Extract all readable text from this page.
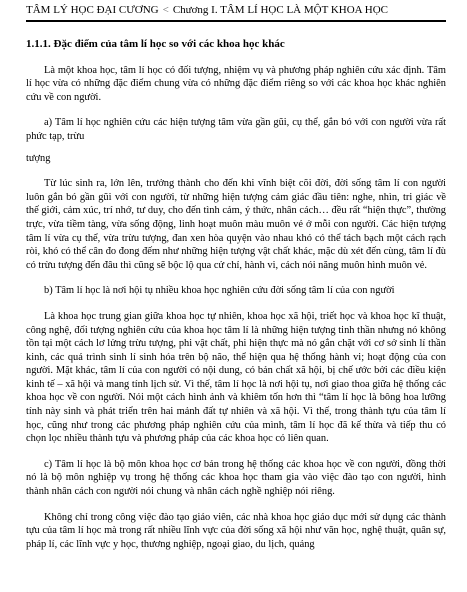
TÂM LÝ HỌC ĐẠI CƯƠNG < Chương I. TÂM LÍ HỌC LÀ MỘT KHOA HỌC

1.1.1. Đặc điểm của tâm lí học so với các khoa học khác

Là một khoa học, tâm lí học có đối tượng, nhiệm vụ và phương pháp nghiên cứu xác định. Tâm lí học vừa có những đặc điểm chung vừa có những đặc điểm riêng so với các khoa học khác nghiên cứu về con người.

a) Tâm lí học nghiên cứu các hiện tượng tâm vừa gần gũi, cụ thể, gắn bó với con người vừa rất phức tạp, trừu

tượng

Từ lúc sinh ra, lớn lên, trưởng thành cho đến khi vĩnh biệt cõi đời, đời sống tâm lí con người luôn gắn bó gần gũi với con người, từ những hiện tượng cảm giác đầu tiên: nghe, nhìn, tri giác về thế giới, cảm xúc, trí nhớ, tư duy, cho đến tình cảm, ý thức, nhân cách… đều rất “hiện thực”, thường trực, vừa tiềm tàng, vừa sống động, linh hoạt muôn màu muôn vẻ ở mỗi con người. Các hiện tượng tâm lí vừa cụ thể, vừa trừu tượng, đan xen hòa quyện vào nhau khó có thể tách bạch một cách rạch ròi, khó có thể cân đo đong đếm như những hiện tượng vật chất khác, mặc dù xét đến cùng, tâm lí đù có trừu tượng đến đâu thì cũng sẽ bộc lộ qua cử chỉ, hành vi, cách nói năng muôn hình muôn vẻ.

b) Tâm lí học là nơi hội tụ nhiều khoa học nghiên cứu đời sống tâm lí của con người

Là khoa học trung gian giữa khoa học tự nhiên, khoa học xã hội, triết học và khoa học kĩ thuật, công nghệ, đối tượng nghiên cứu của khoa học tâm lí là những hiện tượng tinh thần nhưng nó không tồn tại một cách lơ lửng trừu tượng, phi vật chất, phi hiện thực mà nó gắn chặt với cơ sở sinh lí thần kinh, các quá trình sinh lí sinh hóa trên bộ não, thể hiện qua hệ thống hành vi; hoạt động của con người. Mặt khác, tâm lí của con người có nội dung, có bản chất xã hội, bị chế ước bởi các điều kiện kinh tế – xã hội và mang tính lịch sử. Vì thế, tâm lí học là nơi hội tụ, nơi giao thoa giữa hệ thống các khoa học về con người. Nói một cách hình ảnh và khiêm tốn hơn thì “tâm lí học là bông hoa lưỡng tính này sinh và phát triển trên hai mảnh đất tự nhiên và xã hội. Vì thế, trong thành tựu của tâm lí học, cũng như trong các phương pháp nghiên cứu của mình, tâm lí học đã kế thừa và tiếp thu có chọn lọc nhiều thành tựu và phương pháp của các khoa học có liên quan.

c) Tâm lí học là bộ môn khoa học cơ bản trong hệ thống các khoa học về con người, đồng thời nó là bộ môn nghiệp vụ trong hệ thống các khoa học tham gia vào việc đào tạo con người, hình thành nhân cách con người nói chung và nhân cách nghề nghiệp nói riêng.

Không chỉ trong công việc đào tạo giáo viên, các nhà khoa học giáo dục mới sử dụng các thành tựu của tâm lí học mà trong rất nhiều lĩnh vực của đời sống xã hội như văn học, nghệ thuật, quân sự, pháp lí, các lĩnh vực y học, thương nghiệp, ngoại giao, du lịch, quảng
